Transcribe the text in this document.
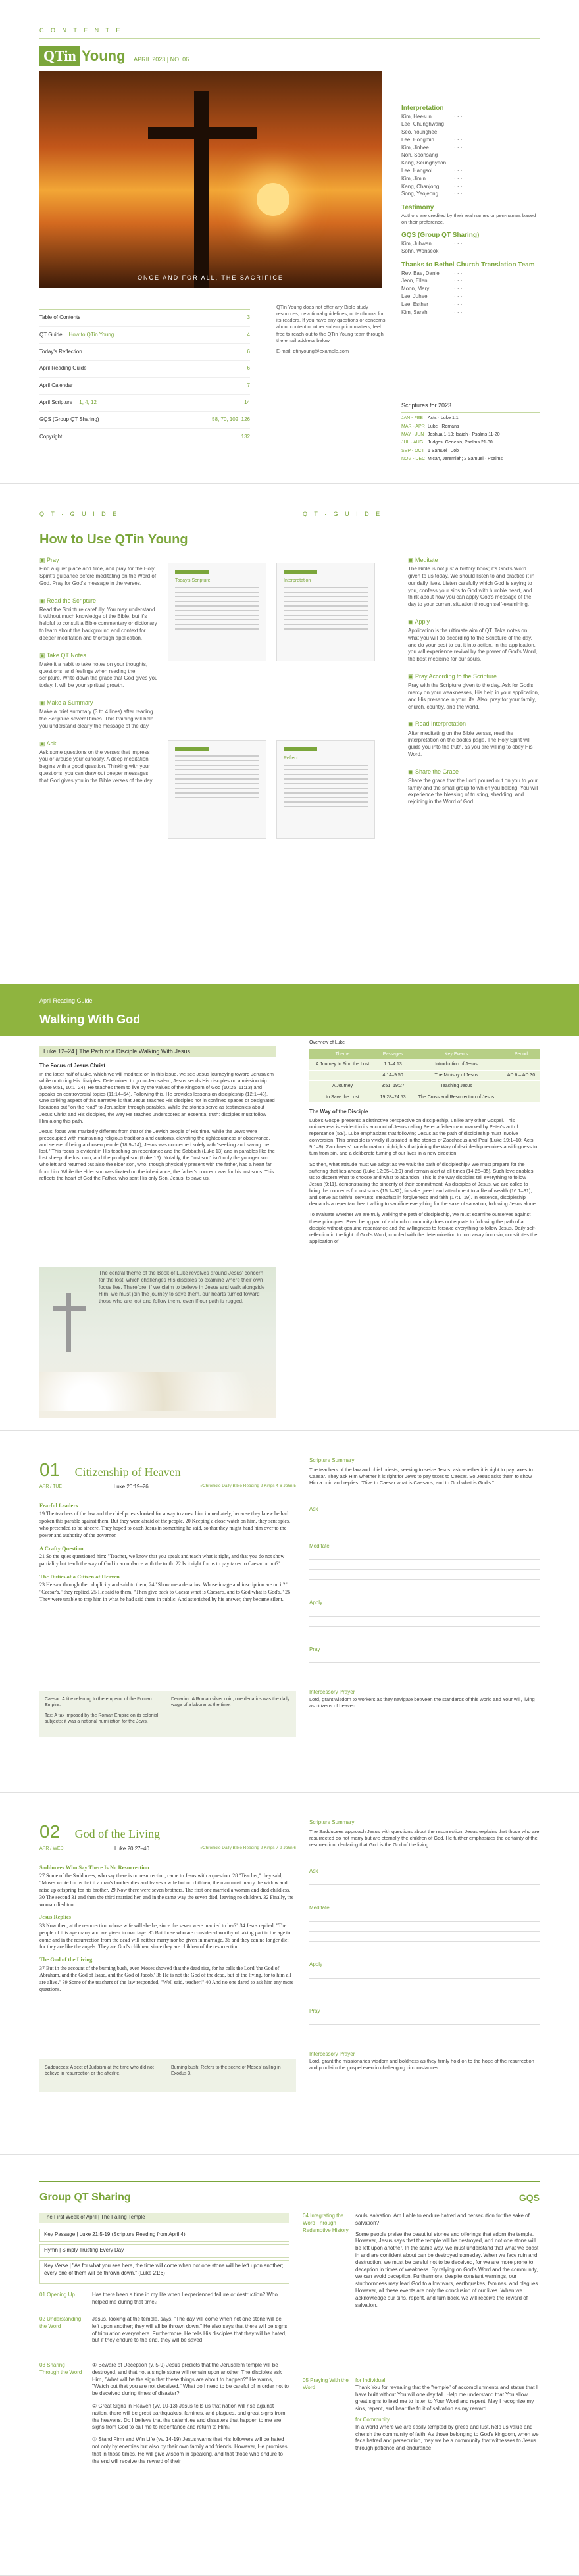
C O N T E N T E
QTin Young APRIL 2023 | NO. 06
· ONCE AND FOR ALL, THE SACRIFICE ·
Interpretation
Kim, Heesun	· · ·
Lee, Chunghwang	· · ·
Seo, Younghee	· · ·
Lee, Hongmin	· · ·
Kim, Jinhee	· · ·
Noh, Soonsang	· · ·
Kang, Seunghyeon	· · ·
Lee, Hangsol	· · ·
Kim, Jimin	· · ·
Kang, Chanjong	· · ·
Song, Yeojeong	· · ·
Testimony
Authors are credited by their real names or pen-names based on their preference.
GQS (Group QT Sharing)
Kim, Juhwan	· · ·
Sohn, Wonseok	· · ·
Thanks to Bethel Church Translation Team
Rev. Bae, Daniel	· · ·
Jeon, Ellen	· · ·
Moon, Mary	· · ·
Lee, Juhee	· · ·
Lee, Esther	· · ·
Kim, Sarah	· · ·
Table of Contents	3
QT Guide How to QTin Young	4
Today's Reflection	6
April Reading Guide	6
April Calendar	7
April Scripture 1, 4, 12	14
GQS (Group QT Sharing)	58, 70, 102, 126
Copyright	132
QTin Young does not offer any Bible study resources, devotional guidelines, or textbooks for its readers. If you have any questions or concerns about content or other subscription matters, feel free to reach out to the QTin Young team through the email address below.
E-mail: qtinyoung@example.com
Scriptures for 2023
JAN - FEB Acts · Luke 1:1
MAR - APR Luke · Romans
MAY - JUN Joshua 1-10; Isaiah · Psalms 11-20
JUL - AUG Judges, Genesis, Psalms 21-30
SEP - OCT 1 Samuel · Job
NOV - DEC Micah, Jeremiah; 2 Samuel · Psalms
Q T · G U I D E	Q T · G U I D E
How to Use QTin Young
▣ Pray
Find a quiet place and time, and pray for the Holy Spirit's guidance before meditating on the Word of God. Pray for God's message in the verses.
▣ Read the Scripture
Read the Scripture carefully. You may understand it without much knowledge of the Bible, but it's helpful to consult a Bible commentary or dictionary to learn about the background and context for deeper meditation and thorough application.
▣ Take QT Notes
Make it a habit to take notes on your thoughts, questions, and feelings when reading the scripture. Write down the grace that God gives you today. It will be your spiritual growth.
▣ Make a Summary
Make a brief summary (3 to 4 lines) after reading the Scripture several times. This training will help you understand clearly the message of the day.
▣ Ask
Ask some questions on the verses that impress you or arouse your curiosity. A deep meditation begins with a good question. Thinking with your questions, you can draw out deeper messages that God gives you in the Bible verses of the day.
Today's Scripture	Interpretation
Reflect
▣ Meditate
The Bible is not just a history book; it's God's Word given to us today. We should listen to and practice it in our daily lives. Listen carefully which God is saying to you, confess your sins to God with humble heart, and think about how you can apply God's message of the day to your current situation through self-examining.
▣ Apply
Application is the ultimate aim of QT. Take notes on what you will do according to the Scripture of the day, and do your best to put it into action. In the application, you will experience revival by the power of God's Word, the best medicine for our souls.
▣ Pray According to the Scripture
Pray with the Scripture given to the day. Ask for God's mercy on your weaknesses, His help in your application, and His presence in your life. Also, pray for your family, church, country, and the world.
▣ Read Interpretation
After meditating on the Bible verses, read the interpretation on the book's page. The Holy Spirit will guide you into the truth, as you are willing to obey His Word.
▣ Share the Grace
Share the grace that the Lord poured out on you to your family and the small group to which you belong. You will experience the blessing of trusting, shedding, and rejoicing in the Word of God.
April Reading Guide
Walking With God
Luke 12–24 | The Path of a Disciple Walking With Jesus
The Focus of Jesus Christ
In the latter half of Luke, which we will meditate on in this issue, we see Jesus journeying toward Jerusalem while nurturing His disciples. Determined to go to Jerusalem, Jesus sends His disciples on a mission trip (Luke 9:51, 10:1–24). He teaches them to live by the values of the Kingdom of God (10:25–11:13) and speaks on controversial topics (11:14–54). Following this, He provides lessons on discipleship (12:1–48). One striking aspect of this narrative is that Jesus teaches His disciples not in confined spaces or designated locations but "on the road" to Jerusalem through parables. While the stories serve as testimonies about Jesus Christ and His disciples, the way He teaches underscores an essential truth: disciples must follow Him along this path.
Jesus' focus was markedly different from that of the Jewish people of His time. While the Jews were preoccupied with maintaining religious traditions and customs, elevating the righteousness of observance, and sense of being a chosen people (18:9–14), Jesus was concerned solely with "seeking and saving the lost." This focus is evident in His teaching on repentance and the Sabbath (Luke 13) and in parables like the lost sheep, the lost coin, and the prodigal son (Luke 15). Notably, the "lost son" isn't only the younger son who left and returned but also the elder son, who, though physically present with the father, had a heart far from him. While the elder son was fixated on the inheritance, the father's concern was for his lost sons. This reflects the heart of God the Father, who sent His only Son, Jesus, to save us.
Overview of Luke
Theme	Passages	Key Events	Period
A Journey to Find the Lost	1:1–4:13	Introduction of Jesus	
	4:14–9:50	The Ministry of Jesus	AD 6 – AD 30
A Journey	9:51–19:27	Teaching Jesus	
to Save the Lost	19:28–24:53	The Cross and Resurrection of Jesus	
The Way of the Disciple
Luke's Gospel presents a distinctive perspective on discipleship, unlike any other Gospel. This uniqueness is evident in its account of Jesus calling Peter a fisherman, marked by Peter's act of repentance (5:8). Luke emphasizes that following Jesus as the path of discipleship must involve conversion. This principle is vividly illustrated in the stories of Zacchaeus and Paul (Luke 19:1–10; Acts 9:1–9). Zacchaeus' transformation highlights that joining the Way of discipleship requires a willingness to turn from sin, and a deliberate turning of our lives in a new direction.
So then, what attitude must we adopt as we walk the path of discipleship? We must prepare for the suffering that lies ahead (Luke 12:35–13:9) and remain alert at all times (14:25–35). Such love enables us to discern what to choose and what to abandon. This is the way disciples tell everything to follow Jesus (9:11), demonstrating the sincerity of their commitment. As disciples of Jesus, we are called to bring the concerns for lost souls (15:1–32), forsake greed and attachment to a life of wealth (16:1–31), and serve as faithful servants, steadfast in forgiveness and faith (17:1–19). In essence, discipleship demands a repentant heart willing to sacrifice everything for the sake of salvation, following Jesus alone.
To evaluate whether we are truly walking the path of discipleship, we must examine ourselves against these principles. Even being part of a church community does not equate to following the path of a disciple without genuine repentance and the willingness to forsake everything to follow Jesus. Daily self-reflection in the light of God's Word, coupled with the determination to turn away from sin, constitutes the application of
The central theme of the Book of Luke revolves around Jesus' concern for the lost, which challenges His disciples to examine where their own focus lies. Therefore, if we claim to believe in Jesus and walk alongside Him, we must join the journey to save them, our hearts turned toward those who are lost and follow them, even if our path is rugged.
01 Citizenship of Heaven
APR / TUE	Luke 20:19–26	#Chronicle Daily Bible Reading 2 Kings 4-6 John 5
Fearful Leaders
19 The teachers of the law and the chief priests looked for a way to arrest him immediately, because they knew he had spoken this parable against them. But they were afraid of the people. 20 Keeping a close watch on him, they sent spies, who pretended to be sincere. They hoped to catch Jesus in something he said, so that they might hand him over to the power and authority of the governor.
A Crafty Question
21 So the spies questioned him: "Teacher, we know that you speak and teach what is right, and that you do not show partiality but teach the way of God in accordance with the truth. 22 Is it right for us to pay taxes to Caesar or not?"
The Duties of a Citizen of Heaven
23 He saw through their duplicity and said to them, 24 "Show me a denarius. Whose image and inscription are on it?" "Caesar's," they replied. 25 He said to them, "Then give back to Caesar what is Caesar's, and to God what is God's." 26 They were unable to trap him in what he had said there in public. And astonished by his answer, they became silent.
Caesar: A title referring to the emperor of the Roman Empire.
Denarius: A Roman silver coin; one denarius was the daily wage of a laborer at the time.
Tax: A tax imposed by the Roman Empire on its colonial subjects; it was a national humiliation for the Jews.
Scripture Summary
The teachers of the law and chief priests, seeking to seize Jesus, ask whether it is right to pay taxes to Caesar. They ask Him whether it is right for Jews to pay taxes to Caesar. So Jesus asks them to show Him a coin and replies, "Give to Caesar what is Caesar's, and to God what is God's."
Ask
Meditate
Apply
Pray
Intercessory Prayer
Lord, grant wisdom to workers as they navigate between the standards of this world and Your will, living as citizens of heaven.
02 God of the Living
APR / WED	Luke 20:27–40	#Chronicle Daily Bible Reading 2 Kings 7-9 John 6
Sadducees Who Say There Is No Resurrection
27 Some of the Sadducees, who say there is no resurrection, came to Jesus with a question. 28 "Teacher," they said, "Moses wrote for us that if a man's brother dies and leaves a wife but no children, the man must marry the widow and raise up offspring for his brother. 29 Now there were seven brothers. The first one married a woman and died childless. 30 The second 31 and then the third married her, and in the same way the seven died, leaving no children. 32 Finally, the woman died too.
Jesus Replies
33 Now then, at the resurrection whose wife will she be, since the seven were married to her?" 34 Jesus replied, "The people of this age marry and are given in marriage. 35 But those who are considered worthy of taking part in the age to come and in the resurrection from the dead will neither marry nor be given in marriage, 36 and they can no longer die; for they are like the angels. They are God's children, since they are children of the resurrection.
The God of the Living
37 But in the account of the burning bush, even Moses showed that the dead rise, for he calls the Lord 'the God of Abraham, and the God of Isaac, and the God of Jacob.' 38 He is not the God of the dead, but of the living, for to him all are alive." 39 Some of the teachers of the law responded, "Well said, teacher!" 40 And no one dared to ask him any more questions.
Sadducees: A sect of Judaism at the time who did not believe in resurrection or the afterlife.
Burning bush: Refers to the scene of Moses' calling in Exodus 3.
Scripture Summary
The Sadducees approach Jesus with questions about the resurrection. Jesus explains that those who are resurrected do not marry but are eternally the children of God. He further emphasizes the certainty of the resurrection, declaring that God is the God of the living.
Ask
Meditate
Apply
Pray
Intercessory Prayer
Lord, grant the missionaries wisdom and boldness as they firmly hold on to the hope of the resurrection and proclaim the gospel even in challenging circumstances.
Group QT Sharing	GQS
The First Week of April | The Falling Temple
Key Passage | Luke 21:5-19 (Scripture Reading from April 4)
Hymn | Simply Trusting Every Day
Key Verse | "As for what you see here, the time will come when not one stone will be left upon another; every one of them will be thrown down." (Luke 21:6)
01 Opening Up	Has there been a time in my life when I experienced failure or destruction? Who helped me during that time?
02 Understanding the Word
Jesus, looking at the temple, says, "The day will come when not one stone will be left upon another; they will all be thrown down." He also says that there will be signs of tribulation everywhere. Furthermore, He tells His disciples that they will be hated, but if they endure to the end, they will be saved.
03 Sharing Through the Word
① Beware of Deception (v. 5-9) Jesus predicts that the Jerusalem temple will be destroyed, and that not a single stone will remain upon another. The disciples ask Him, "What will be the sign that these things are about to happen?" He warns, "Watch out that you are not deceived." What do I need to be careful of in order not to be deceived during times of disaster?
② Great Signs in Heaven (vv. 10-13) Jesus tells us that nation will rise against nation, there will be great earthquakes, famines, and plagues, and great signs from the heavens. Do I believe that the calamities and disasters that happen to me are signs from God to call me to repentance and return to Him?
③ Stand Firm and Win Life (vv. 14-19) Jesus warns that His followers will be hated not only by enemies but also by their own family and friends. However, He promises that in those times, He will give wisdom in speaking, and that those who endure to the end will receive the reward of their
04 Integrating the Word Through Redemptive History
souls' salvation. Am I able to endure hatred and persecution for the sake of salvation?
Some people praise the beautiful stones and offerings that adorn the temple. However, Jesus says that the temple will be destroyed, and not one stone will be left upon another. In the same way, we must understand that what we boast in and are confident about can be destroyed someday. When we face ruin and destruction, we must be careful not to be deceived, for we are more prone to deception in times of weakness. By relying on God's Word and the community, we can avoid deception. Furthermore, despite constant warnings, our stubbornness may lead God to allow wars, earthquakes, famines, and plagues. However, all these events are only the conclusion of our lives. When we acknowledge our sins, repent, and turn back, we will receive the reward of salvation.
05 Praying With the Word
for Individual
Thank You for revealing that the "temple" of accomplishments and status that I have built without You will one day fall. Help me understand that You allow great signs to lead me to listen to Your Word and repent. May I recognize my sins, repent, and bear the fruit of salvation as my reward.
for Community
In a world where we are easily tempted by greed and lust, help us value and cherish the community of faith. As those belonging to God's kingdom, when we face hatred and persecution, may we be a community that witnesses to Jesus through patience and endurance.
